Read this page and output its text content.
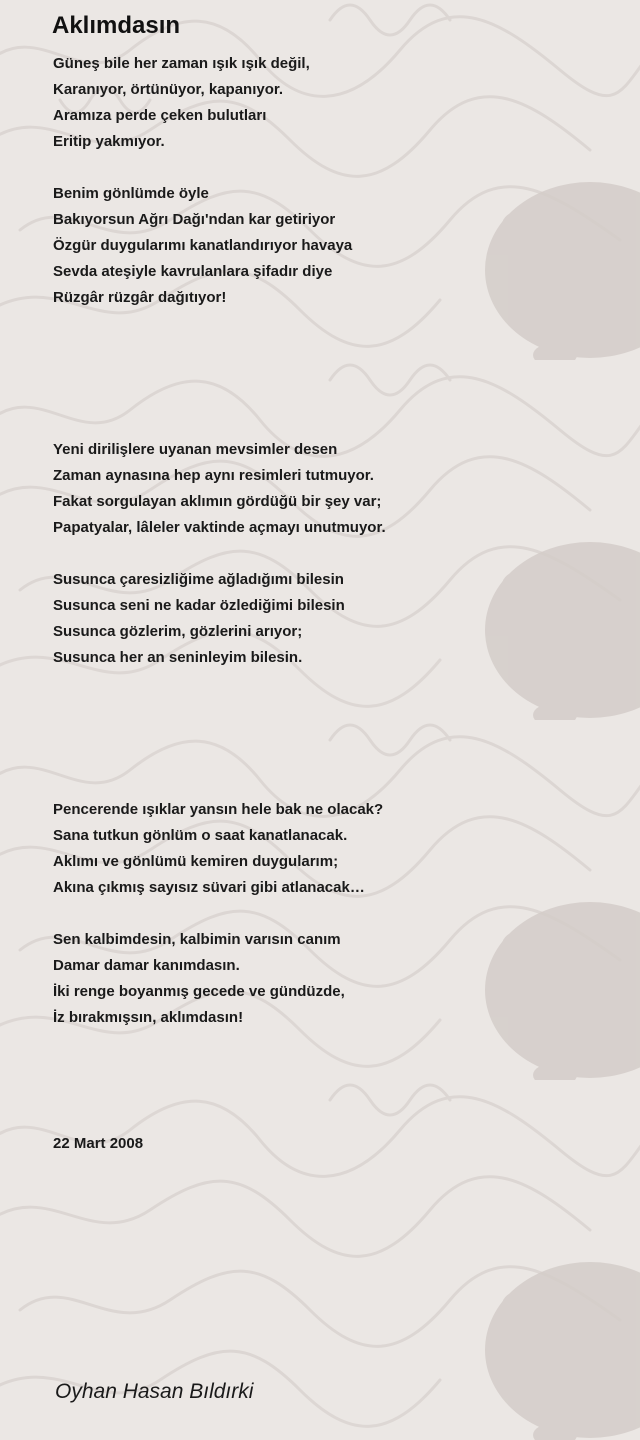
Aklımdasın
Güneş bile her zaman ışık ışık değil,
Karanıyor, örtünüyor, kapanıyor.
Aramıza perde çeken bulutları
Eritip yakmıyor.
Benim gönlümde öyle
Bakıyorsun Ağrı Dağı'ndan kar getiriyor
Özgür duygularımı kanatlandırıyor havaya
Sevda ateşiyle kavrulanlara şifadır diye
Rüzgâr rüzgâr dağıtıyor!
Yeni dirilişlere uyanan mevsimler desen
Zaman aynasına hep aynı resimleri tutmuyor.
Fakat sorgulayan aklımın gördüğü bir şey var;
Papatyalar, lâleler vaktinde açmayı unutmuyor.
Susunca çaresizliğime ağladığımı bilesin
Susunca seni ne kadar özlediğimi bilesin
Susunca gözlerim, gözlerini arıyor;
Susunca her an seninleyim bilesin.
Pencerende ışıklar yansın hele bak ne olacak?
Sana tutkun gönlüm o saat kanatlanacak.
Aklımı ve gönlümü kemiren duygularım;
Akına çıkmış sayısız süvari gibi atlanacak…
Sen kalbimdesin, kalbimin varısın canım
Damar damar kanımdasın.
İki renge boyanmış gecede ve gündüzde,
İz bırakmışsın, aklımdasın!

22 Mart 2008

Oyhan Hasan Bıldırki
